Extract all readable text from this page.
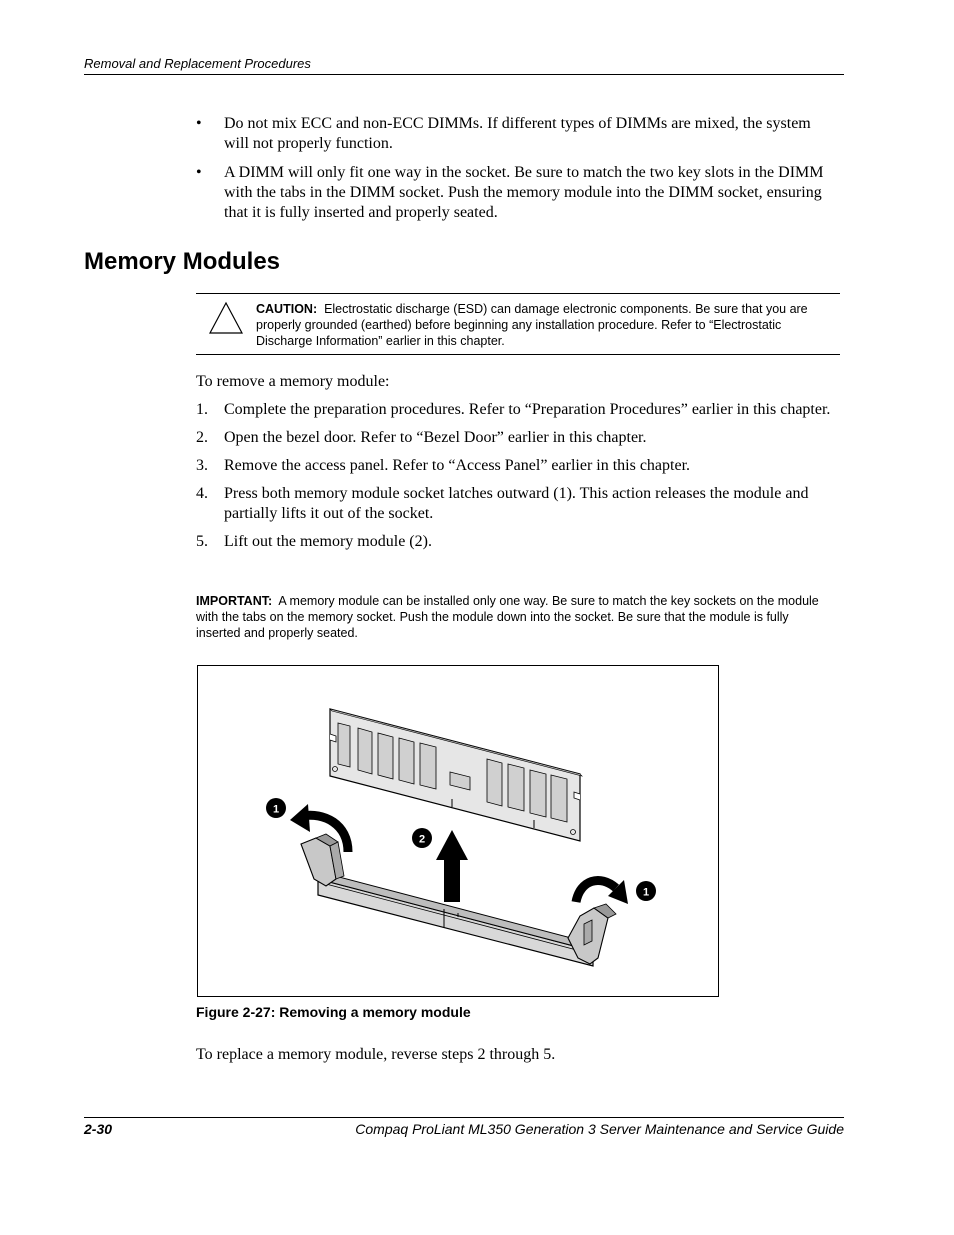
Removal and Replacement Procedures
• Do not mix ECC and non-ECC DIMMs. If different types of DIMMs are mixed, the system will not properly function.
• A DIMM will only fit one way in the socket. Be sure to match the two key slots in the DIMM with the tabs in the DIMM socket. Push the memory module into the DIMM socket, ensuring that it is fully inserted and properly seated.
Memory Modules
CAUTION: Electrostatic discharge (ESD) can damage electronic components. Be sure that you are properly grounded (earthed) before beginning any installation procedure. Refer to “Electrostatic Discharge Information” earlier in this chapter.
To remove a memory module:
1. Complete the preparation procedures. Refer to “Preparation Procedures” earlier in this chapter.
2. Open the bezel door. Refer to “Bezel Door” earlier in this chapter.
3. Remove the access panel. Refer to “Access Panel” earlier in this chapter.
4. Press both memory module socket latches outward (1). This action releases the module and partially lifts it out of the socket.
5. Lift out the memory module (2).
IMPORTANT: A memory module can be installed only one way. Be sure to match the key sockets on the module with the tabs on the memory socket. Push the module down into the socket. Be sure that the module is fully inserted and properly seated.
1
2
1
Figure 2-27: Removing a memory module
To replace a memory module, reverse steps 2 through 5.
2-30	Compaq ProLiant ML350 Generation 3 Server Maintenance and Service Guide
